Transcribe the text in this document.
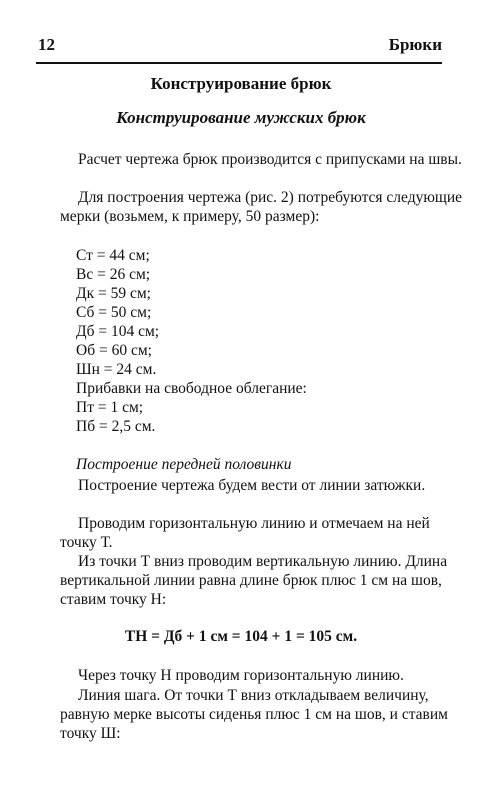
12	Брюки
Конструирование брюк
Конструирование мужских брюк
Расчет чертежа брюк производится с припусками на швы.
Для построения чертежа (рис. 2) потребуются следующие мерки (возьмем, к примеру, 50 размер):
Ст = 44 см;
Вс = 26 см;
Дк = 59 см;
Сб = 50 см;
Дб = 104 см;
Об = 60 см;
Шн = 24 см.
Прибавки на свободное облегание:
Пт = 1 см;
Пб = 2,5 см.
Построение передней половинки
Построение чертежа будем вести от линии затюжки.
Проводим горизонтальную линию и отмечаем на ней точку Т.
Из точки Т вниз проводим вертикальную линию. Длина вертикальной линии равна длине брюк плюс 1 см на шов, ставим точку Н:
ТН = Дб + 1 см = 104 + 1 = 105 см.
Через точку Н проводим горизонтальную линию.
Линия шага. От точки Т вниз откладываем величину, равную мерке высоты сиденья плюс 1 см на шов, и ставим точку Ш:
